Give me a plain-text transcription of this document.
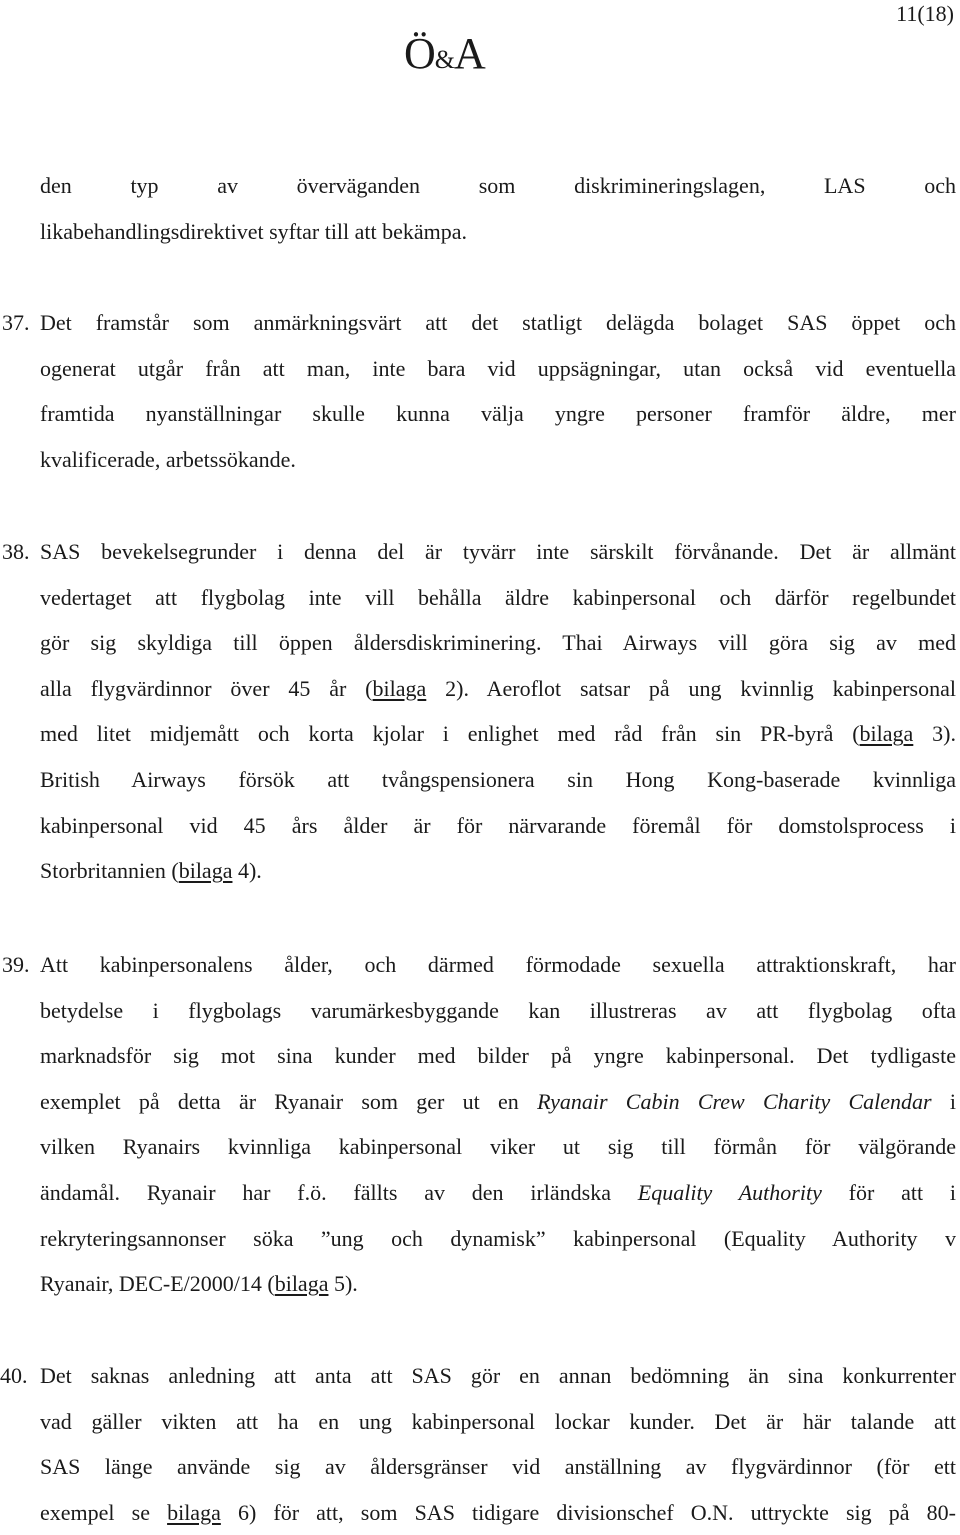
11(18)
Ö&A
den typ av överväganden som diskrimineringslagen, LAS och
likabehandlingsdirektivet syftar till att bekämpa.
37. Det framstår som anmärkningsvärt att det statligt delägda bolaget SAS öppet och
ogenerat utgår från att man, inte bara vid uppsägningar, utan också vid eventuella
framtida nyanställningar skulle kunna välja yngre personer framför äldre, mer
kvalificerade, arbetssökande.
38. SAS bevekelsegrunder i denna del är tyvärr inte särskilt förvånande. Det är allmänt
vedertaget att flygbolag inte vill behålla äldre kabinpersonal och därför regelbundet
gör sig skyldiga till öppen åldersdiskriminering. Thai Airways vill göra sig av med
alla flygvärdinnor över 45 år (bilaga 2). Aeroflot satsar på ung kvinnlig kabinpersonal
med litet midjemått och korta kjolar i enlighet med råd från sin PR-byrå (bilaga 3).
British Airways försök att tvångspensionera sin Hong Kong-baserade kvinnliga
kabinpersonal vid 45 års ålder är för närvarande föremål för domstolsprocess i
Storbritannien (bilaga 4).
39. Att kabinpersonalens ålder, och därmed förmodade sexuella attraktionskraft, har
betydelse i flygbolags varumärkesbyggande kan illustreras av att flygbolag ofta
marknadsför sig mot sina kunder med bilder på yngre kabinpersonal. Det tydligaste
exemplet på detta är Ryanair som ger ut en Ryanair Cabin Crew Charity Calendar i
vilken Ryanairs kvinnliga kabinpersonal viker ut sig till förmån för välgörande
ändamål. Ryanair har f.ö. fällts av den irländska Equality Authority för att i
rekryteringsannonser söka ”ung och dynamisk” kabinpersonal (Equality Authority v
Ryanair, DEC-E/2000/14 (bilaga 5).
40. Det saknas anledning att anta att SAS gör en annan bedömning än sina konkurrenter
vad gäller vikten att ha en ung kabinpersonal lockar kunder. Det är här talande att
SAS länge använde sig av åldersgränser vid anställning av flygvärdinnor (för ett
exempel se bilaga 6) för att, som SAS tidigare divisionschef O.N. uttryckte sig på 80-
